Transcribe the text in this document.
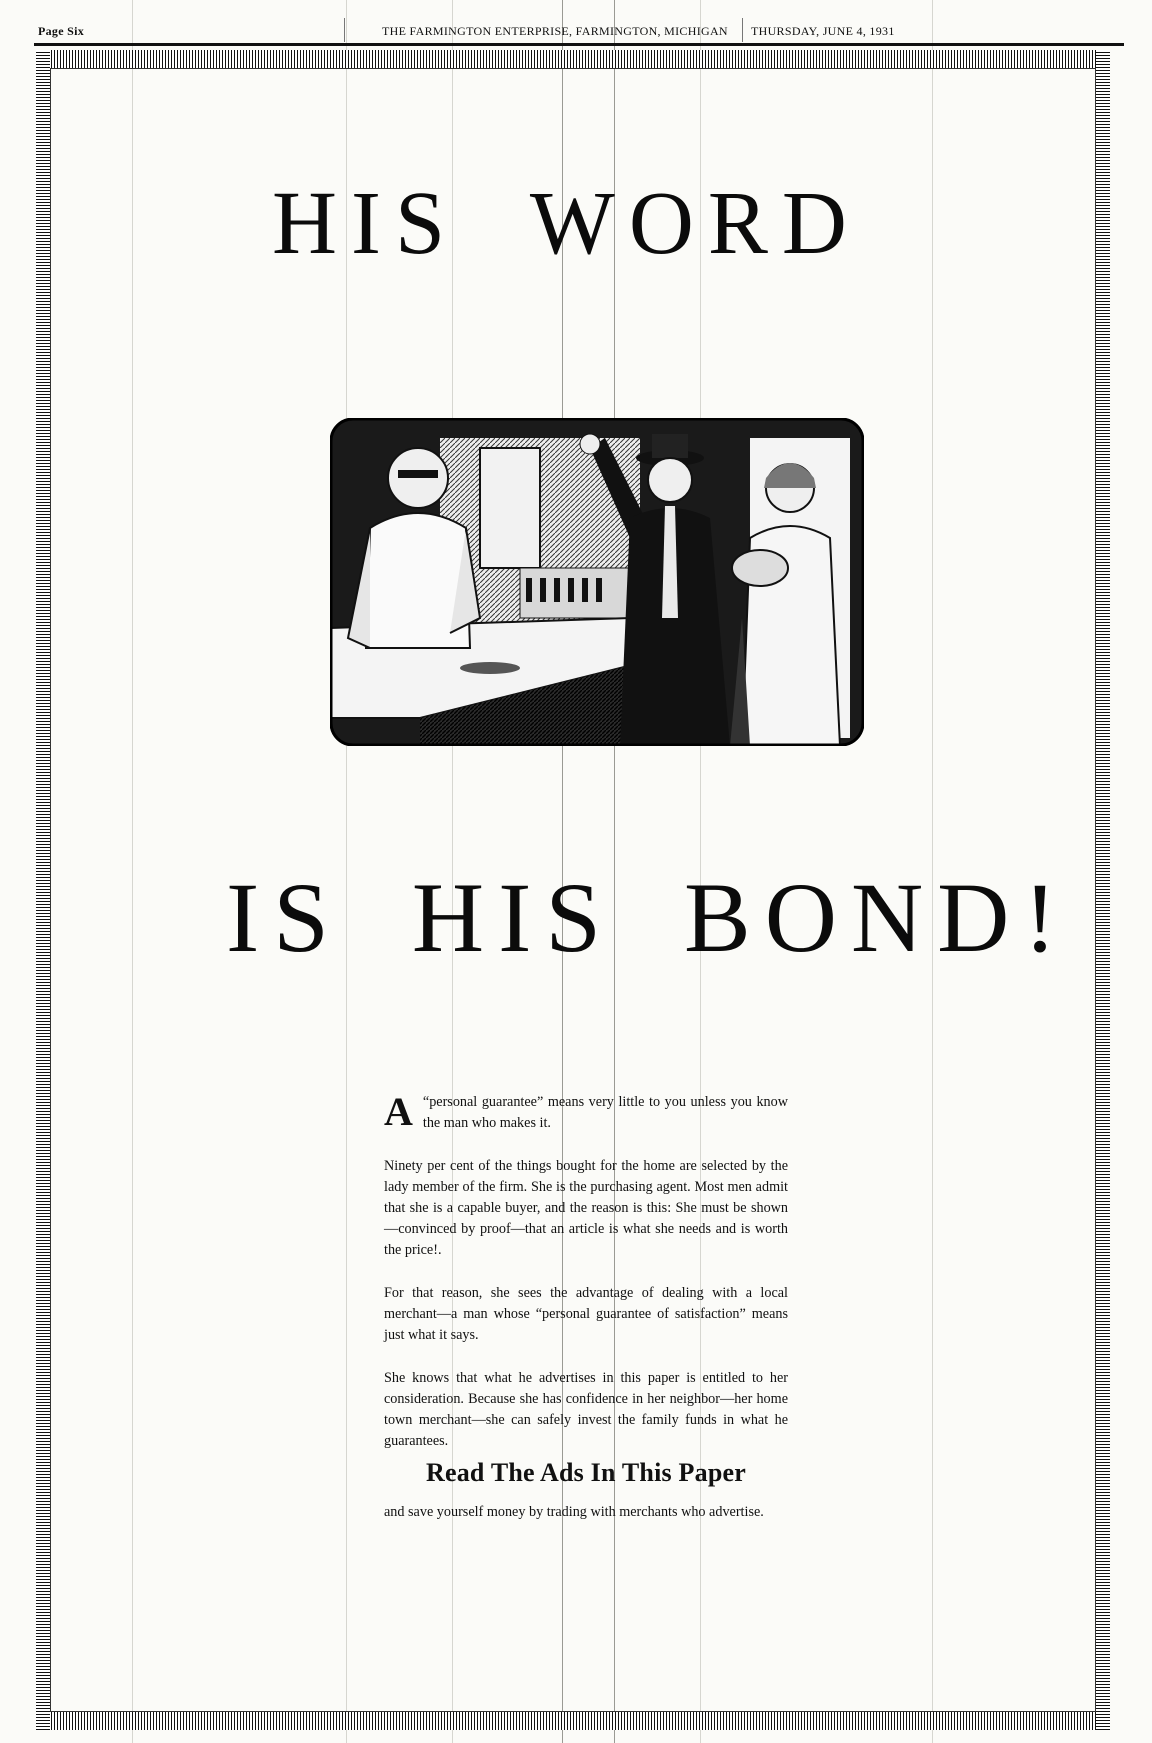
Page Six	THE FARMINGTON ENTERPRISE, FARMINGTON, MICHIGAN THURSDAY, JUNE 4, 1931
HIS WORD
IS HIS BOND!
A “personal guarantee” means very little to you unless you know the man who makes it.

Ninety per cent of the things bought for the home are selected by the lady member of the firm. She is the purchasing agent. Most men admit that she is a capable buyer, and the reason is this: She must be shown—convinced by proof—that an article is what she needs and is worth the price!.

For that reason, she sees the advantage of dealing with a local merchant—a man whose “personal guarantee of satisfaction” means just what it says.

She knows that what he advertises in this paper is entitled to her consideration. Because she has confidence in her neighbor—her home town merchant—she can safely invest the family funds in what he guarantees.

Read The Ads In This Paper
and save yourself money by trading with merchants who advertise.
